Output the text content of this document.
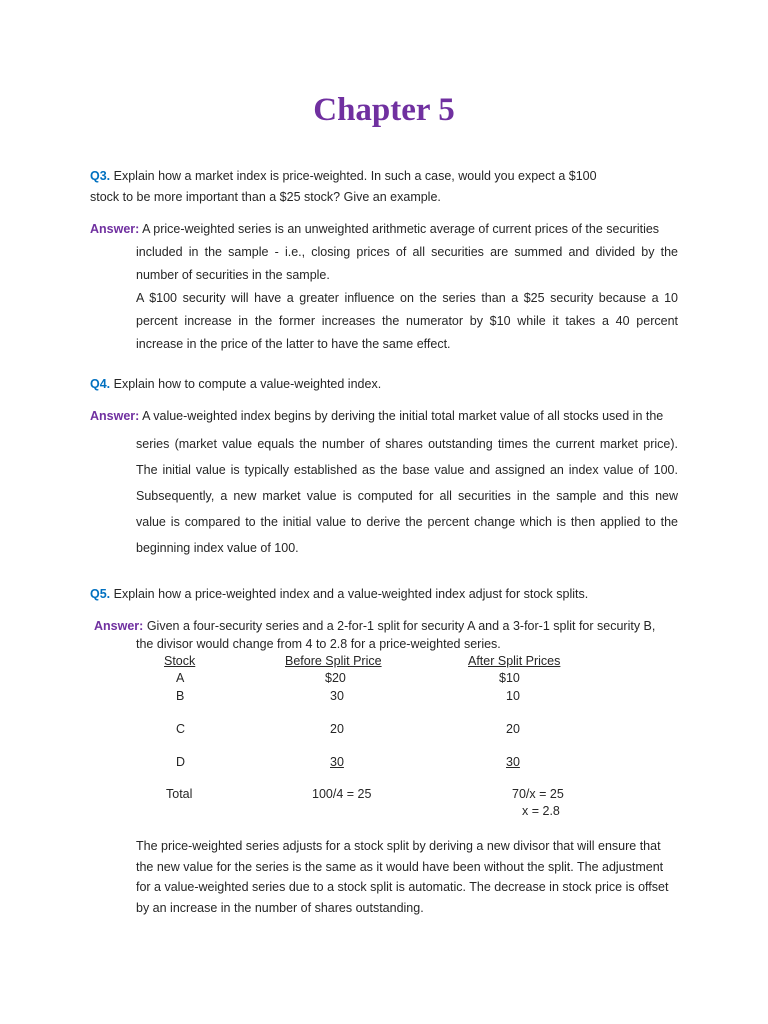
Chapter 5
Q3. Explain how a market index is price-weighted. In such a case, would you expect a $100
stock to be more important than a $25 stock? Give an example.
Answer: A price-weighted series is an unweighted arithmetic average of current prices of the securities
included in the sample - i.e., closing prices of all securities are summed and divided by the
number of securities in the sample.
A $100 security will have a greater influence on the series than a $25 security because a 10
percent increase in the former increases the numerator by $10 while it takes a 40 percent
increase in the price of the latter to have the same effect.
Q4. Explain how to compute a value-weighted index.
Answer: A value-weighted index begins by deriving the initial total market value of all stocks used in the
series (market value equals the number of shares outstanding times the current market price).
The initial value is typically established as the base value and assigned an index value of 100.
Subsequently, a new market value is computed for all securities in the sample and this new
value is compared to the initial value to derive the percent change which is then applied to the
beginning index value of 100.
Q5. Explain how a price-weighted index and a value-weighted index adjust for stock splits.
Answer: Given a four-security series and a 2-for-1 split for security A and a 3-for-1 split for security B,
the divisor would change from 4 to 2.8 for a price-weighted series.
Stock	Before Split Price	After Split Prices
A	$20	$10
B	30	10
C	20	20
D	30	30
Total	100/4 = 25	70/x = 25
x = 2.8
The price-weighted series adjusts for a stock split by deriving a new divisor that will ensure that
the new value for the series is the same as it would have been without the split. The adjustment
for a value-weighted series due to a stock split is automatic. The decrease in stock price is offset
by an increase in the number of shares outstanding.
